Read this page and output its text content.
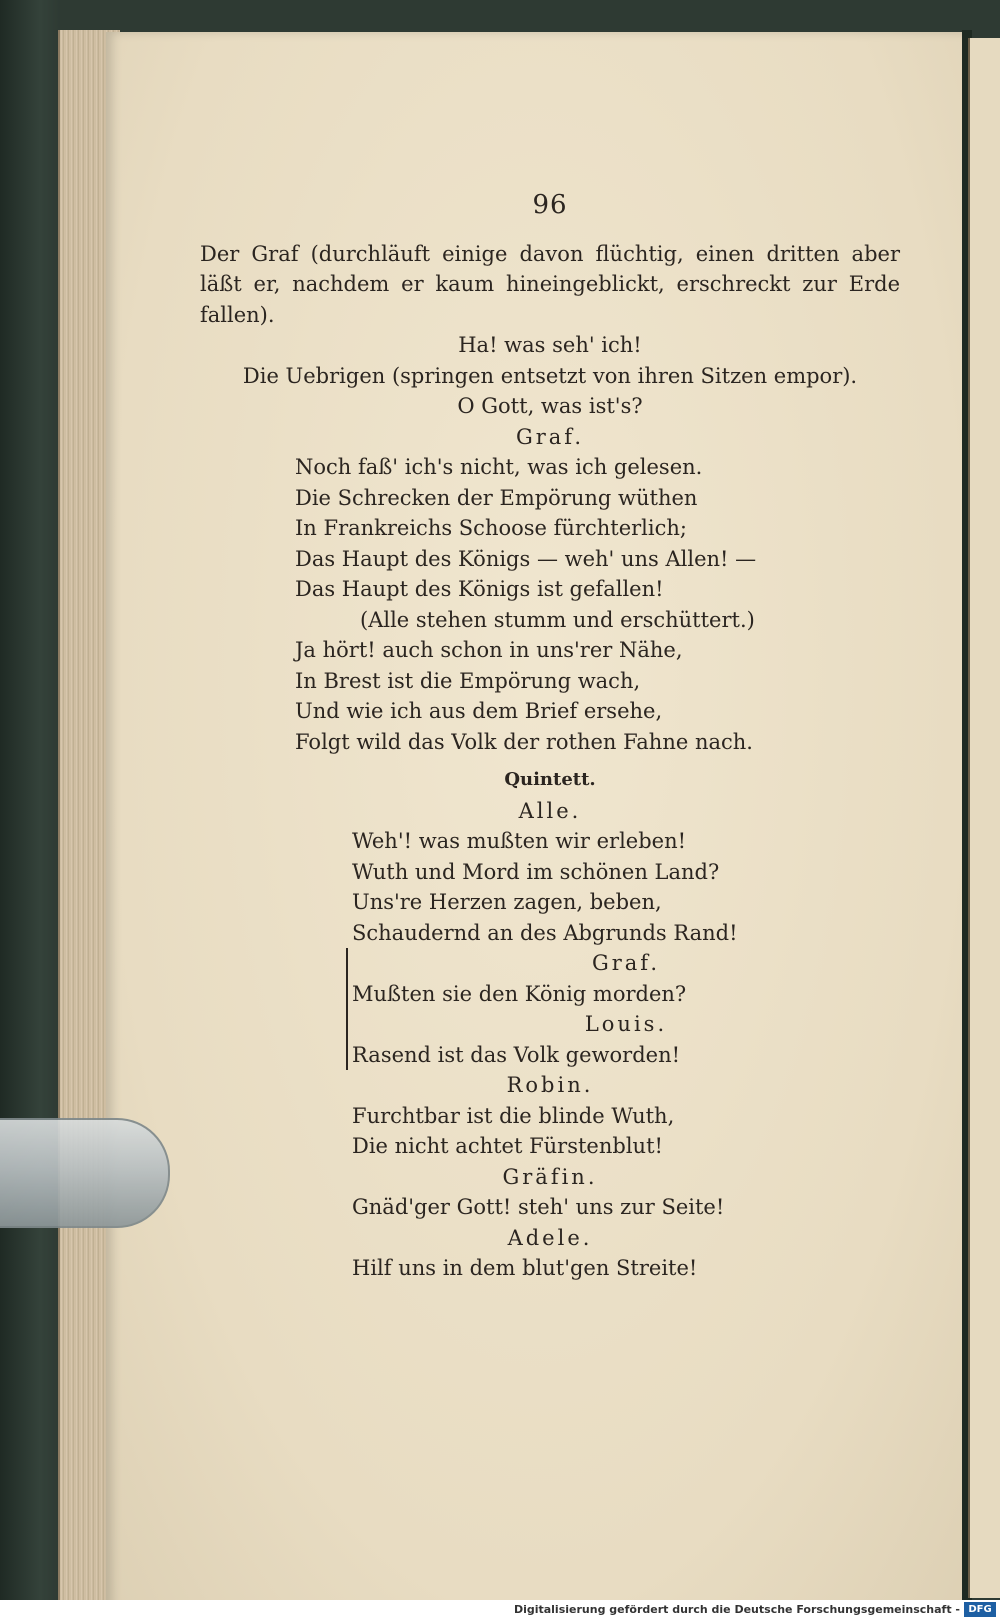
96
Der Graf (durchläuft einige davon flüchtig, einen dritten aber
läßt er, nachdem er kaum hineingeblickt, erschreckt zur Erde fallen).
Ha! was seh' ich!
Die Uebrigen (springen entsetzt von ihren Sitzen empor).
O Gott, was ist's?
Graf.
Noch faß' ich's nicht, was ich gelesen.
Die Schrecken der Empörung wüthen
In Frankreichs Schoose fürchterlich;
Das Haupt des Königs — weh' uns Allen! —
Das Haupt des Königs ist gefallen!
(Alle stehen stumm und erschüttert.)
Ja hört! auch schon in uns'rer Nähe,
In Brest ist die Empörung wach,
Und wie ich aus dem Brief ersehe,
Folgt wild das Volk der rothen Fahne nach.
Quintett.
Alle.
Weh'! was mußten wir erleben!
Wuth und Mord im schönen Land?
Uns're Herzen zagen, beben,
Schaudernd an des Abgrunds Rand!
Graf.
Mußten sie den König morden?
Louis.
Rasend ist das Volk geworden!
Robin.
Furchtbar ist die blinde Wuth,
Die nicht achtet Fürstenblut!
Gräfin.
Gnäd'ger Gott! steh' uns zur Seite!
Adele.
Hilf uns in dem blut'gen Streite!
Digitalisierung gefördert durch die Deutsche Forschungsgemeinschaft - DFG
